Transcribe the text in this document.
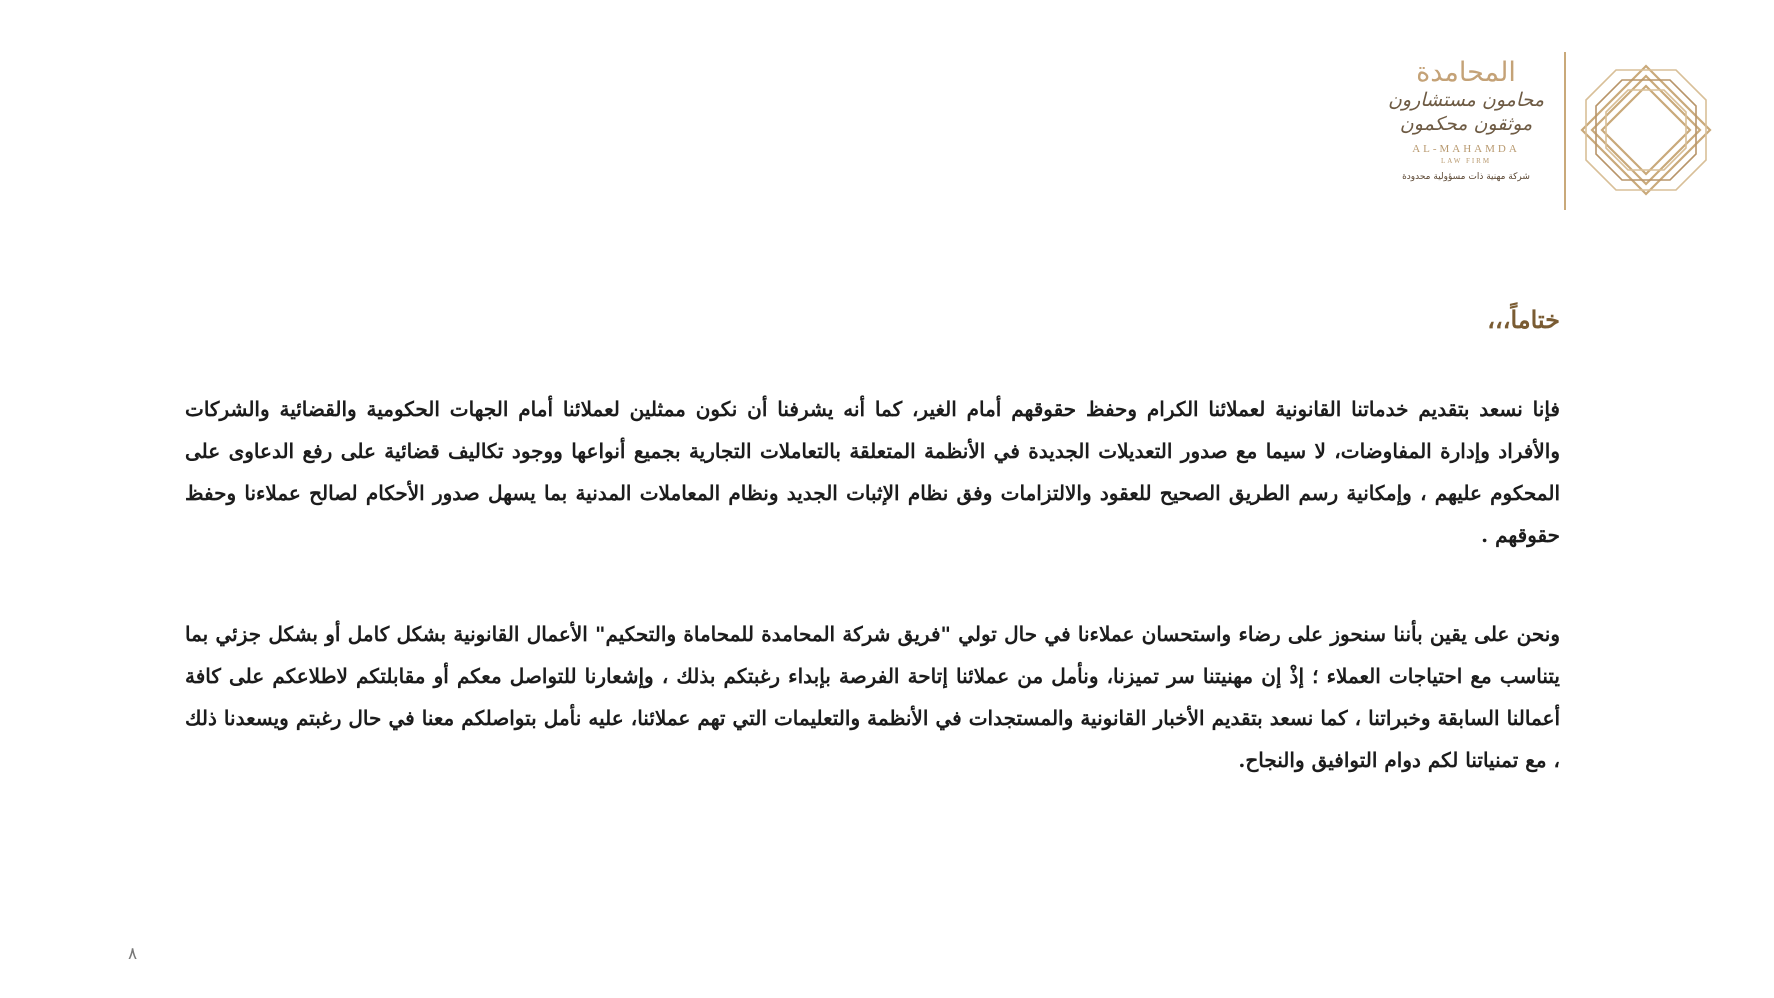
المحامدة
محامون مستشارون
موثقون محكمون
AL-MAHAMDA
LAW FIRM
شركة مهنية ذات مسؤولية محدودة
ختاماً،،،

فإنا نسعد بتقديم خدماتنا القانونية لعملائنا الكرام وحفظ حقوقهم أمام الغير، كما أنه يشرفنا أن نكون ممثلين لعملائنا أمام الجهات الحكومية والقضائية والشركات والأفراد وإدارة المفاوضات، لا سيما مع صدور التعديلات الجديدة في الأنظمة المتعلقة بالتعاملات التجارية بجميع أنواعها ووجود تكاليف قضائية على رفع الدعاوى على المحكوم عليهم ، وإمكانية رسم الطريق الصحيح للعقود والالتزامات وفق نظام الإثبات الجديد ونظام المعاملات المدنية بما يسهل صدور الأحكام لصالح عملاءنا وحفظ حقوقهم .

ونحن على يقين بأننا سنحوز على رضاء واستحسان عملاءنا في حال تولي "فريق شركة المحامدة للمحاماة والتحكيم" الأعمال القانونية بشكل كامل أو بشكل جزئي بما يتناسب مع احتياجات العملاء ؛ إذْ إن مهنيتنا سر تميزنا، ونأمل من عملائنا إتاحة الفرصة بإبداء رغبتكم بذلك ، وإشعارنا للتواصل معكم أو مقابلتكم لاطلاعكم على كافة أعمالنا السابقة وخبراتنا ، كما نسعد بتقديم الأخبار القانونية والمستجدات في الأنظمة والتعليمات التي تهم عملائنا، عليه نأمل بتواصلكم معنا في حال رغبتم ويسعدنا ذلك ، مع تمنياتنا لكم دوام التوافيق والنجاح.

٨
